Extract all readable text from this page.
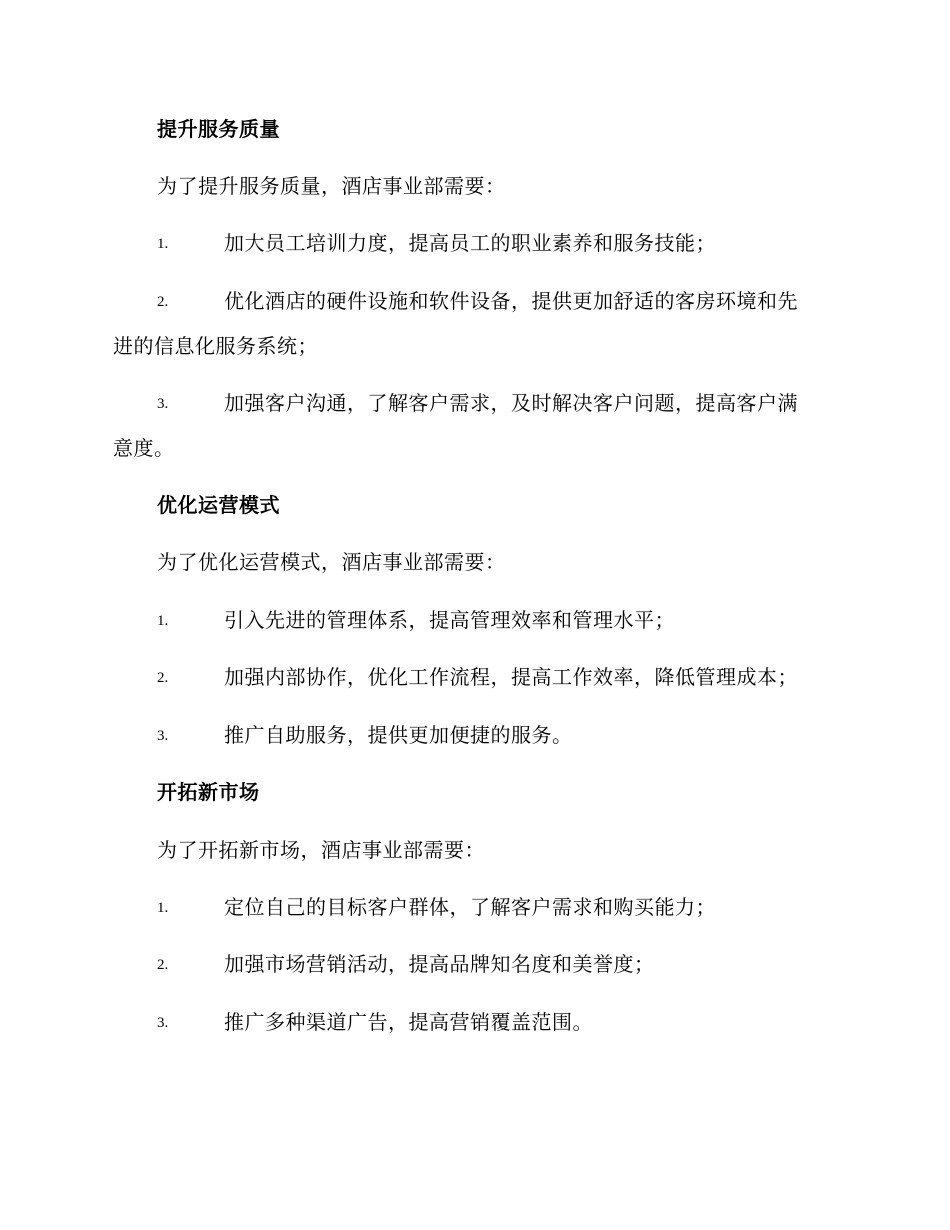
提升服务质量
为了提升服务质量，酒店事业部需要：
1.	加大员工培训力度，提高员工的职业素养和服务技能；
2.	优化酒店的硬件设施和软件设备，提供更加舒适的客房环境和先
进的信息化服务系统；
3.	加强客户沟通，了解客户需求，及时解决客户问题，提高客户满
意度。
优化运营模式
为了优化运营模式，酒店事业部需要：
1.	引入先进的管理体系，提高管理效率和管理水平；
2.	加强内部协作，优化工作流程，提高工作效率，降低管理成本；
3.	推广自助服务，提供更加便捷的服务。
开拓新市场
为了开拓新市场，酒店事业部需要：
1.	定位自己的目标客户群体，了解客户需求和购买能力；
2.	加强市场营销活动，提高品牌知名度和美誉度；
3.	推广多种渠道广告，提高营销覆盖范围。
